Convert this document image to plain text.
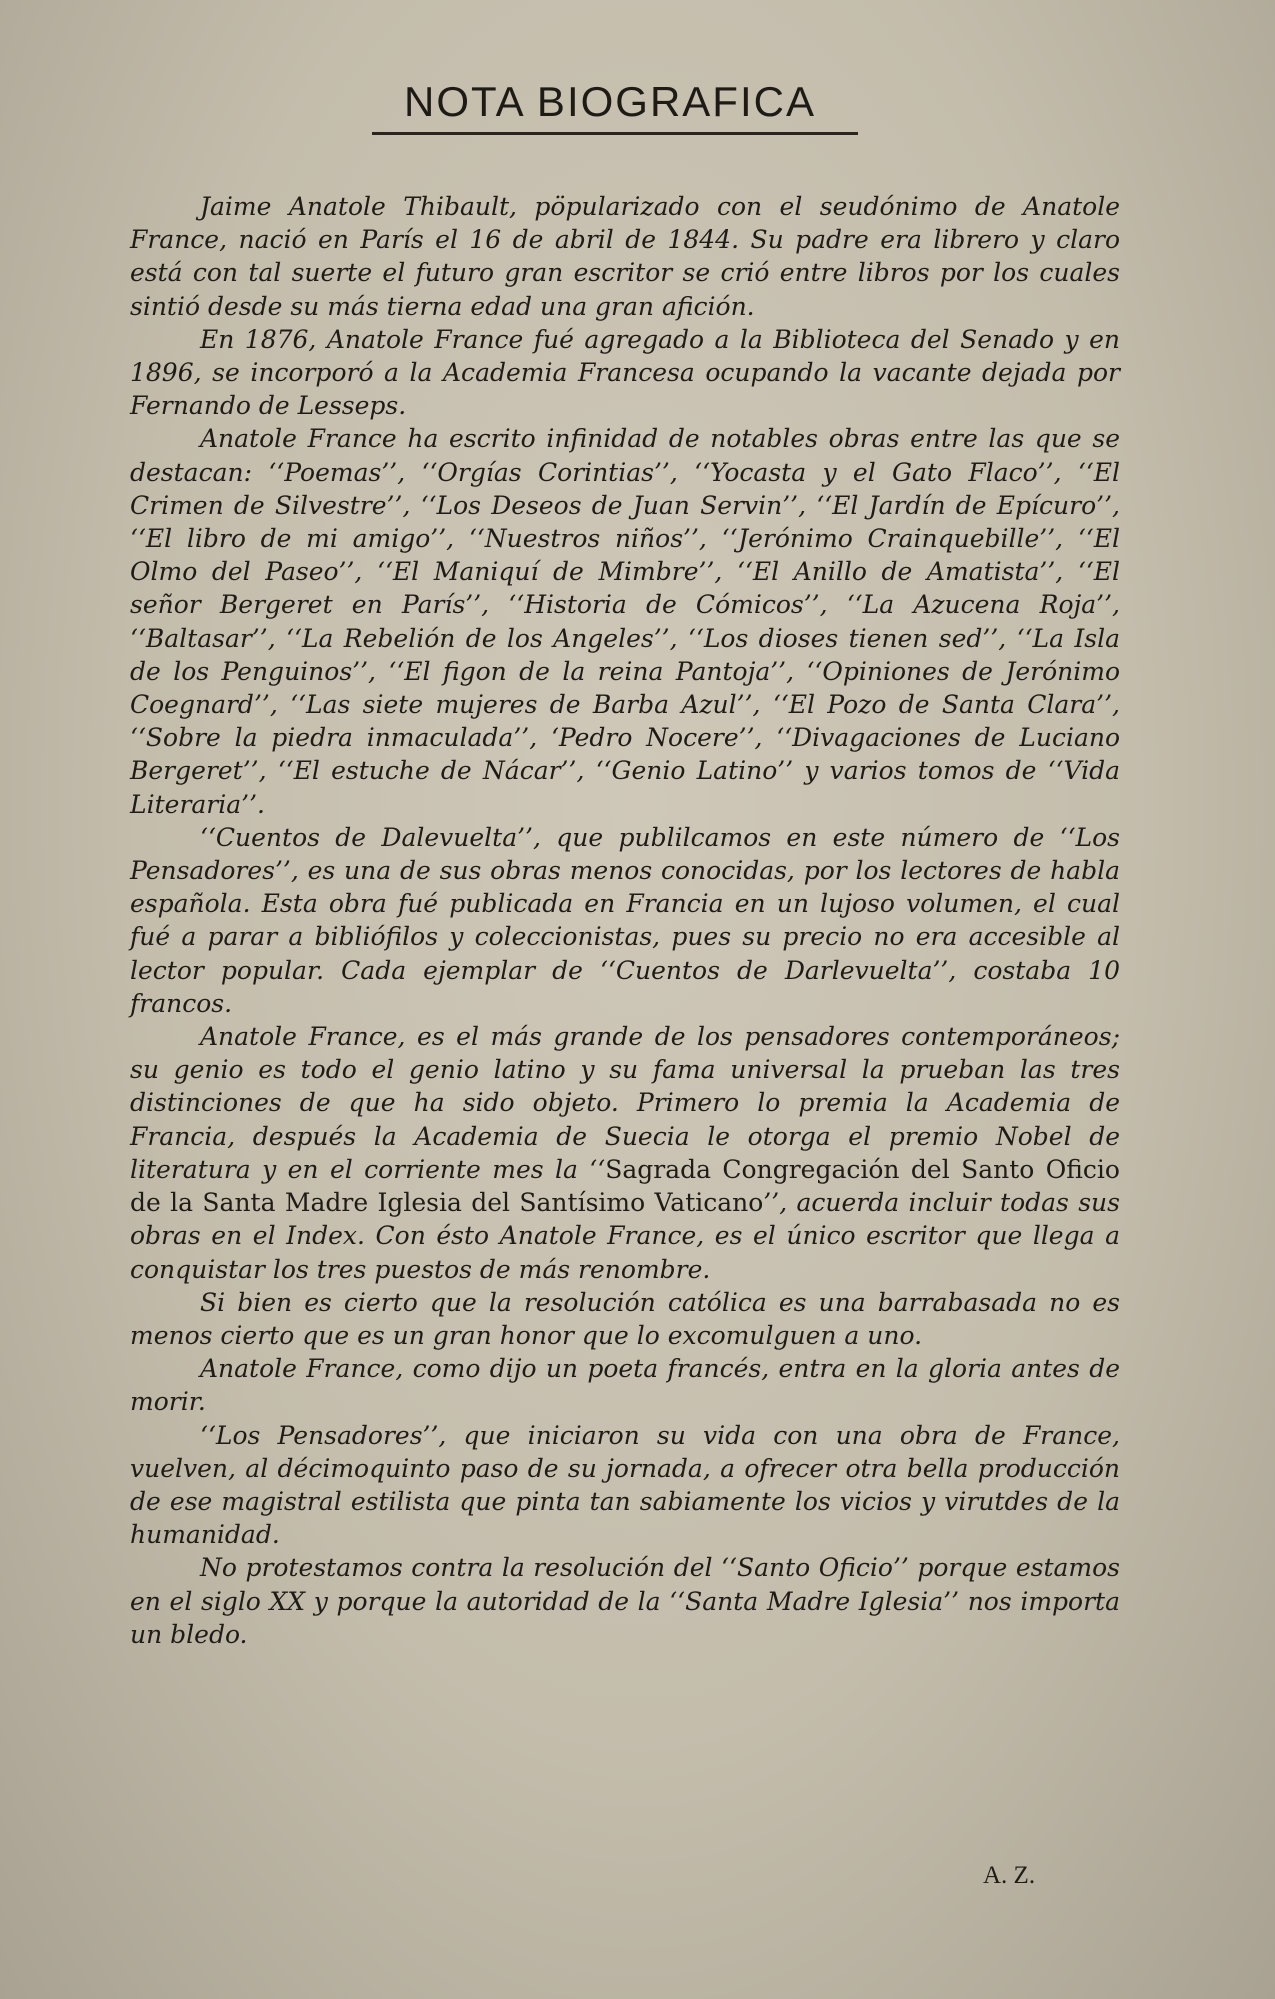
NOTA BIOGRAFICA

Jaime Anatole Thibault, pöpularizado con el seudónimo de Anatole France, nació en París el 16 de abril de 1844. Su padre era librero y claro está con tal suerte el futuro gran escritor se crió entre libros por los cuales sintió desde su más tierna edad una gran afición.

En 1876, Anatole France fué agregado a la Biblioteca del Senado y en 1896, se incorporó a la Academia Francesa ocupando la vacante dejada por Fernando de Lesseps.

Anatole France ha escrito infinidad de notables obras entre las que se destacan: ‘‘Poemas’’, ‘‘Orgías Corintias’’, ‘‘Yocasta y el Gato Flaco’’, ‘‘El Crimen de Silvestre’’, ‘‘Los Deseos de Juan Servin’’, ‘‘El Jardín de Epícuro’’, ‘‘El libro de mi amigo’’, ‘‘Nuestros niños’’, ‘‘Jerónimo Crainquebille’’, ‘‘El Olmo del Paseo’’, ‘‘El Maniquí de Mimbre’’, ‘‘El Anillo de Amatista’’, ‘‘El señor Bergeret en París’’, ‘‘Historia de Cómicos’’, ‘‘La Azucena Roja’’, ‘‘Baltasar’’, ‘‘La Rebelión de los Angeles’’, ‘‘Los dioses tienen sed’’, ‘‘La Isla de los Penguinos’’, ‘‘El figon de la reina Pantoja’’, ‘‘Opiniones de Jerónimo Coegnard’’, ‘‘Las siete mujeres de Barba Azul’’, ‘‘El Pozo de Santa Clara’’, ‘‘Sobre la piedra inmaculada’’, ‘Pedro Nocere’’, ‘‘Divagaciones de Luciano Bergeret’’, ‘‘El estuche de Nácar’’, ‘‘Genio Latino’’ y varios tomos de ‘‘Vida Literaria’’.

‘‘Cuentos de Dalevuelta’’, que publilcamos en este número de ‘‘Los Pensadores’’, es una de sus obras menos conocidas, por los lectores de habla española. Esta obra fué publicada en Francia en un lujoso volumen, el cual fué a parar a bibliófilos y coleccionistas, pues su precio no era accesible al lector popular. Cada ejemplar de ‘‘Cuentos de Darlevuelta’’, costaba 10 francos.

Anatole France, es el más grande de los pensadores contemporáneos; su genio es todo el genio latino y su fama universal la prueban las tres distinciones de que ha sido objeto. Primero lo premia la Academia de Francia, después la Academia de Suecia le otorga el premio Nobel de literatura y en el corriente mes la ‘‘Sagrada Congregación del Santo Oficio de la Santa Madre Iglesia del Santísimo Vaticano’’, acuerda incluir todas sus obras en el Index. Con ésto Anatole France, es el único escritor que llega a conquistar los tres puestos de más renombre.

Si bien es cierto que la resolución católica es una barrabasada no es menos cierto que es un gran honor que lo excomulguen a uno.

Anatole France, como dijo un poeta francés, entra en la gloria antes de morir.

‘‘Los Pensadores’’, que iniciaron su vida con una obra de France, vuelven, al décimoquinto paso de su jornada, a ofrecer otra bella producción de ese magistral estilista que pinta tan sabiamente los vicios y virutdes de la humanidad.

No protestamos contra la resolución del ‘‘Santo Oficio’’ porque estamos en el siglo XX y porque la autoridad de la ‘‘Santa Madre Iglesia’’ nos importa un bledo.

A. Z.
